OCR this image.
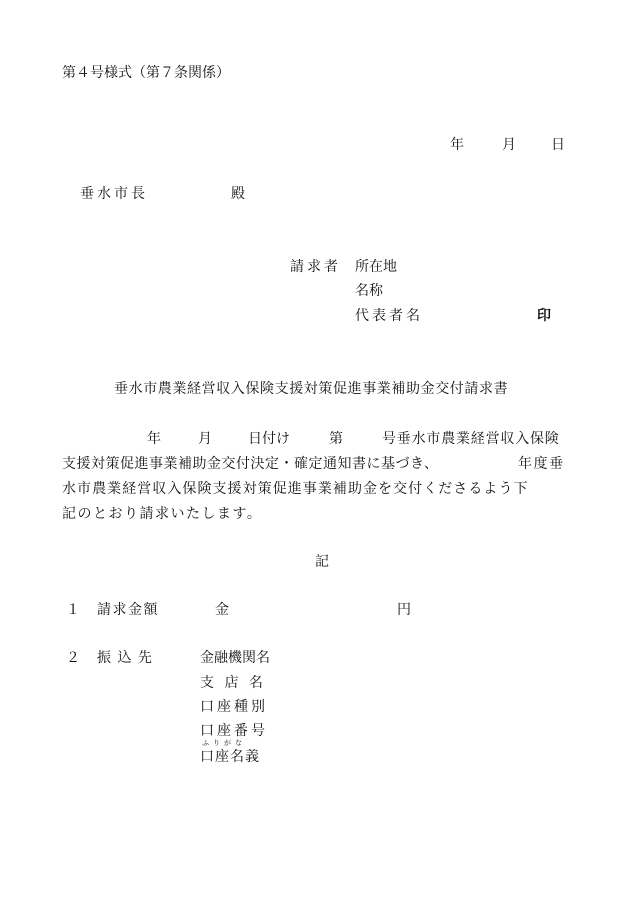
第４号様式（第７条関係）
年	月	日
垂水市長	殿
請求者 所在地
名称
代表者名	印
垂水市農業経営収入保険支援対策促進事業補助金交付請求書
年	月	日付け	第	号垂水市農業経営収入保険
支援対策促進事業補助金交付決定・確定通知書に基づき、	年度垂
水市農業経営収入保険支援対策促進事業補助金を交付くださるよう下
記のとおり請求いたします。
記
１ 請求金額	金	円
２ 振 込 先	金融機関名
支 店 名
口座種別
口座番号
ふりがな
口座名義
